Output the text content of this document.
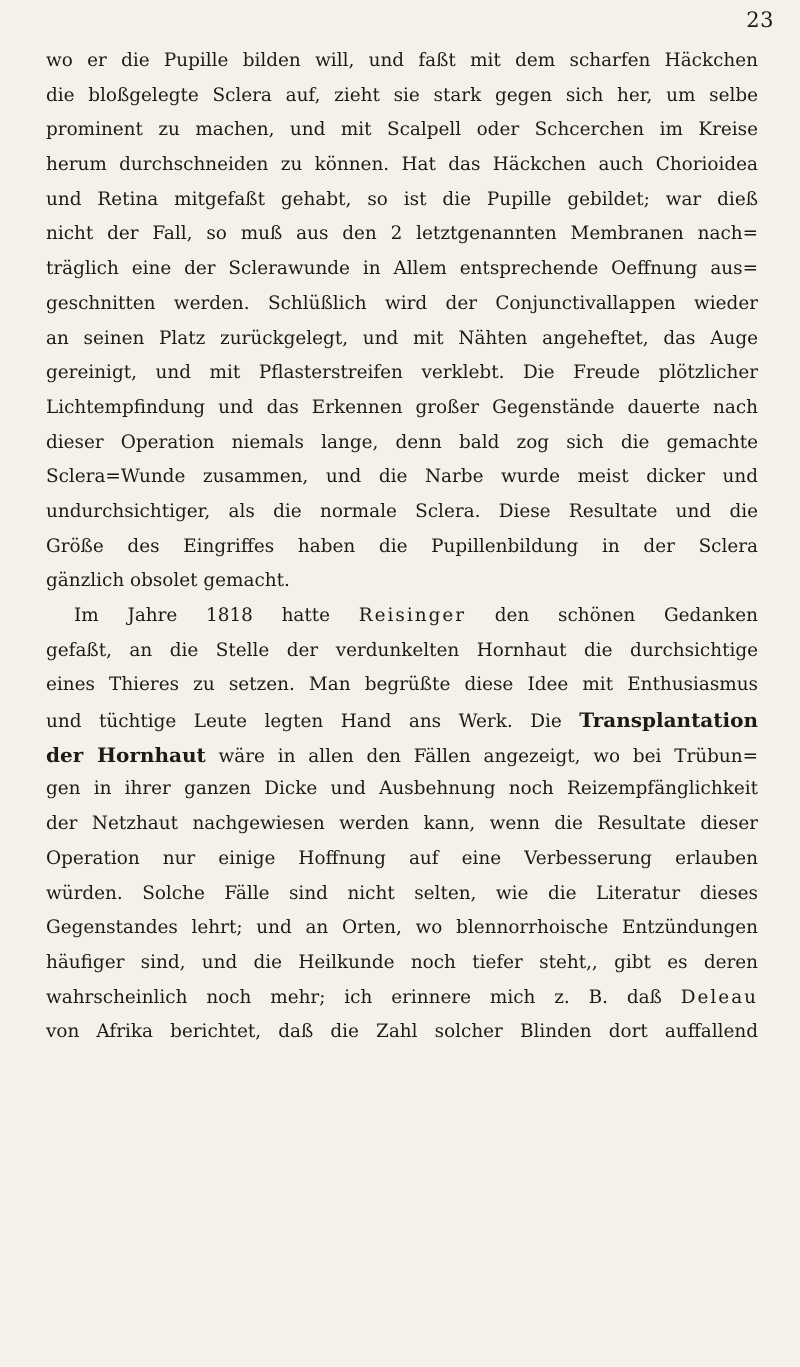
23
wo er die Pupille bilden will, und faßt mit dem scharfen Häckchen
die bloßgelegte Sclera auf, zieht sie stark gegen sich her, um selbe
prominent zu machen, und mit Scalpell oder Schcerchen im Kreise
herum durchschneiden zu können. Hat das Häckchen auch Chorioidea
und Retina mitgefaßt gehabt, so ist die Pupille gebildet; war dieß
nicht der Fall, so muß aus den 2 letztgenannten Membranen nach=
träglich eine der Sclerawunde in Allem entsprechende Oeffnung aus=
geschnitten werden. Schlüßlich wird der Conjunctivallappen wieder
an seinen Platz zurückgelegt, und mit Nähten angeheftet, das Auge
gereinigt, und mit Pflasterstreifen verklebt. Die Freude plötzlicher
Lichtempfindung und das Erkennen großer Gegenstände dauerte nach
dieser Operation niemals lange, denn bald zog sich die gemachte
Sclera=Wunde zusammen, und die Narbe wurde meist dicker und
undurchsichtiger, als die normale Sclera. Diese Resultate und die
Größe des Eingriffes haben die Pupillenbildung in der Sclera
gänzlich obsolet gemacht.
Im Jahre 1818 hatte Reisinger den schönen Gedanken
gefaßt, an die Stelle der verdunkelten Hornhaut die durchsichtige
eines Thieres zu setzen. Man begrüßte diese Idee mit Enthusiasmus
und tüchtige Leute legten Hand ans Werk. Die Transplantation
der Hornhaut wäre in allen den Fällen angezeigt, wo bei Trübun=
gen in ihrer ganzen Dicke und Ausbehnung noch Reizempfänglichkeit
der Netzhaut nachgewiesen werden kann, wenn die Resultate dieser
Operation nur einige Hoffnung auf eine Verbesserung erlauben
würden. Solche Fälle sind nicht selten, wie die Literatur dieses
Gegenstandes lehrt; und an Orten, wo blennorrhoische Entzündungen
häufiger sind, und die Heilkunde noch tiefer steht,, gibt es deren
wahrscheinlich noch mehr; ich erinnere mich z. B. daß Deleau
von Afrika berichtet, daß die Zahl solcher Blinden dort auffallend
